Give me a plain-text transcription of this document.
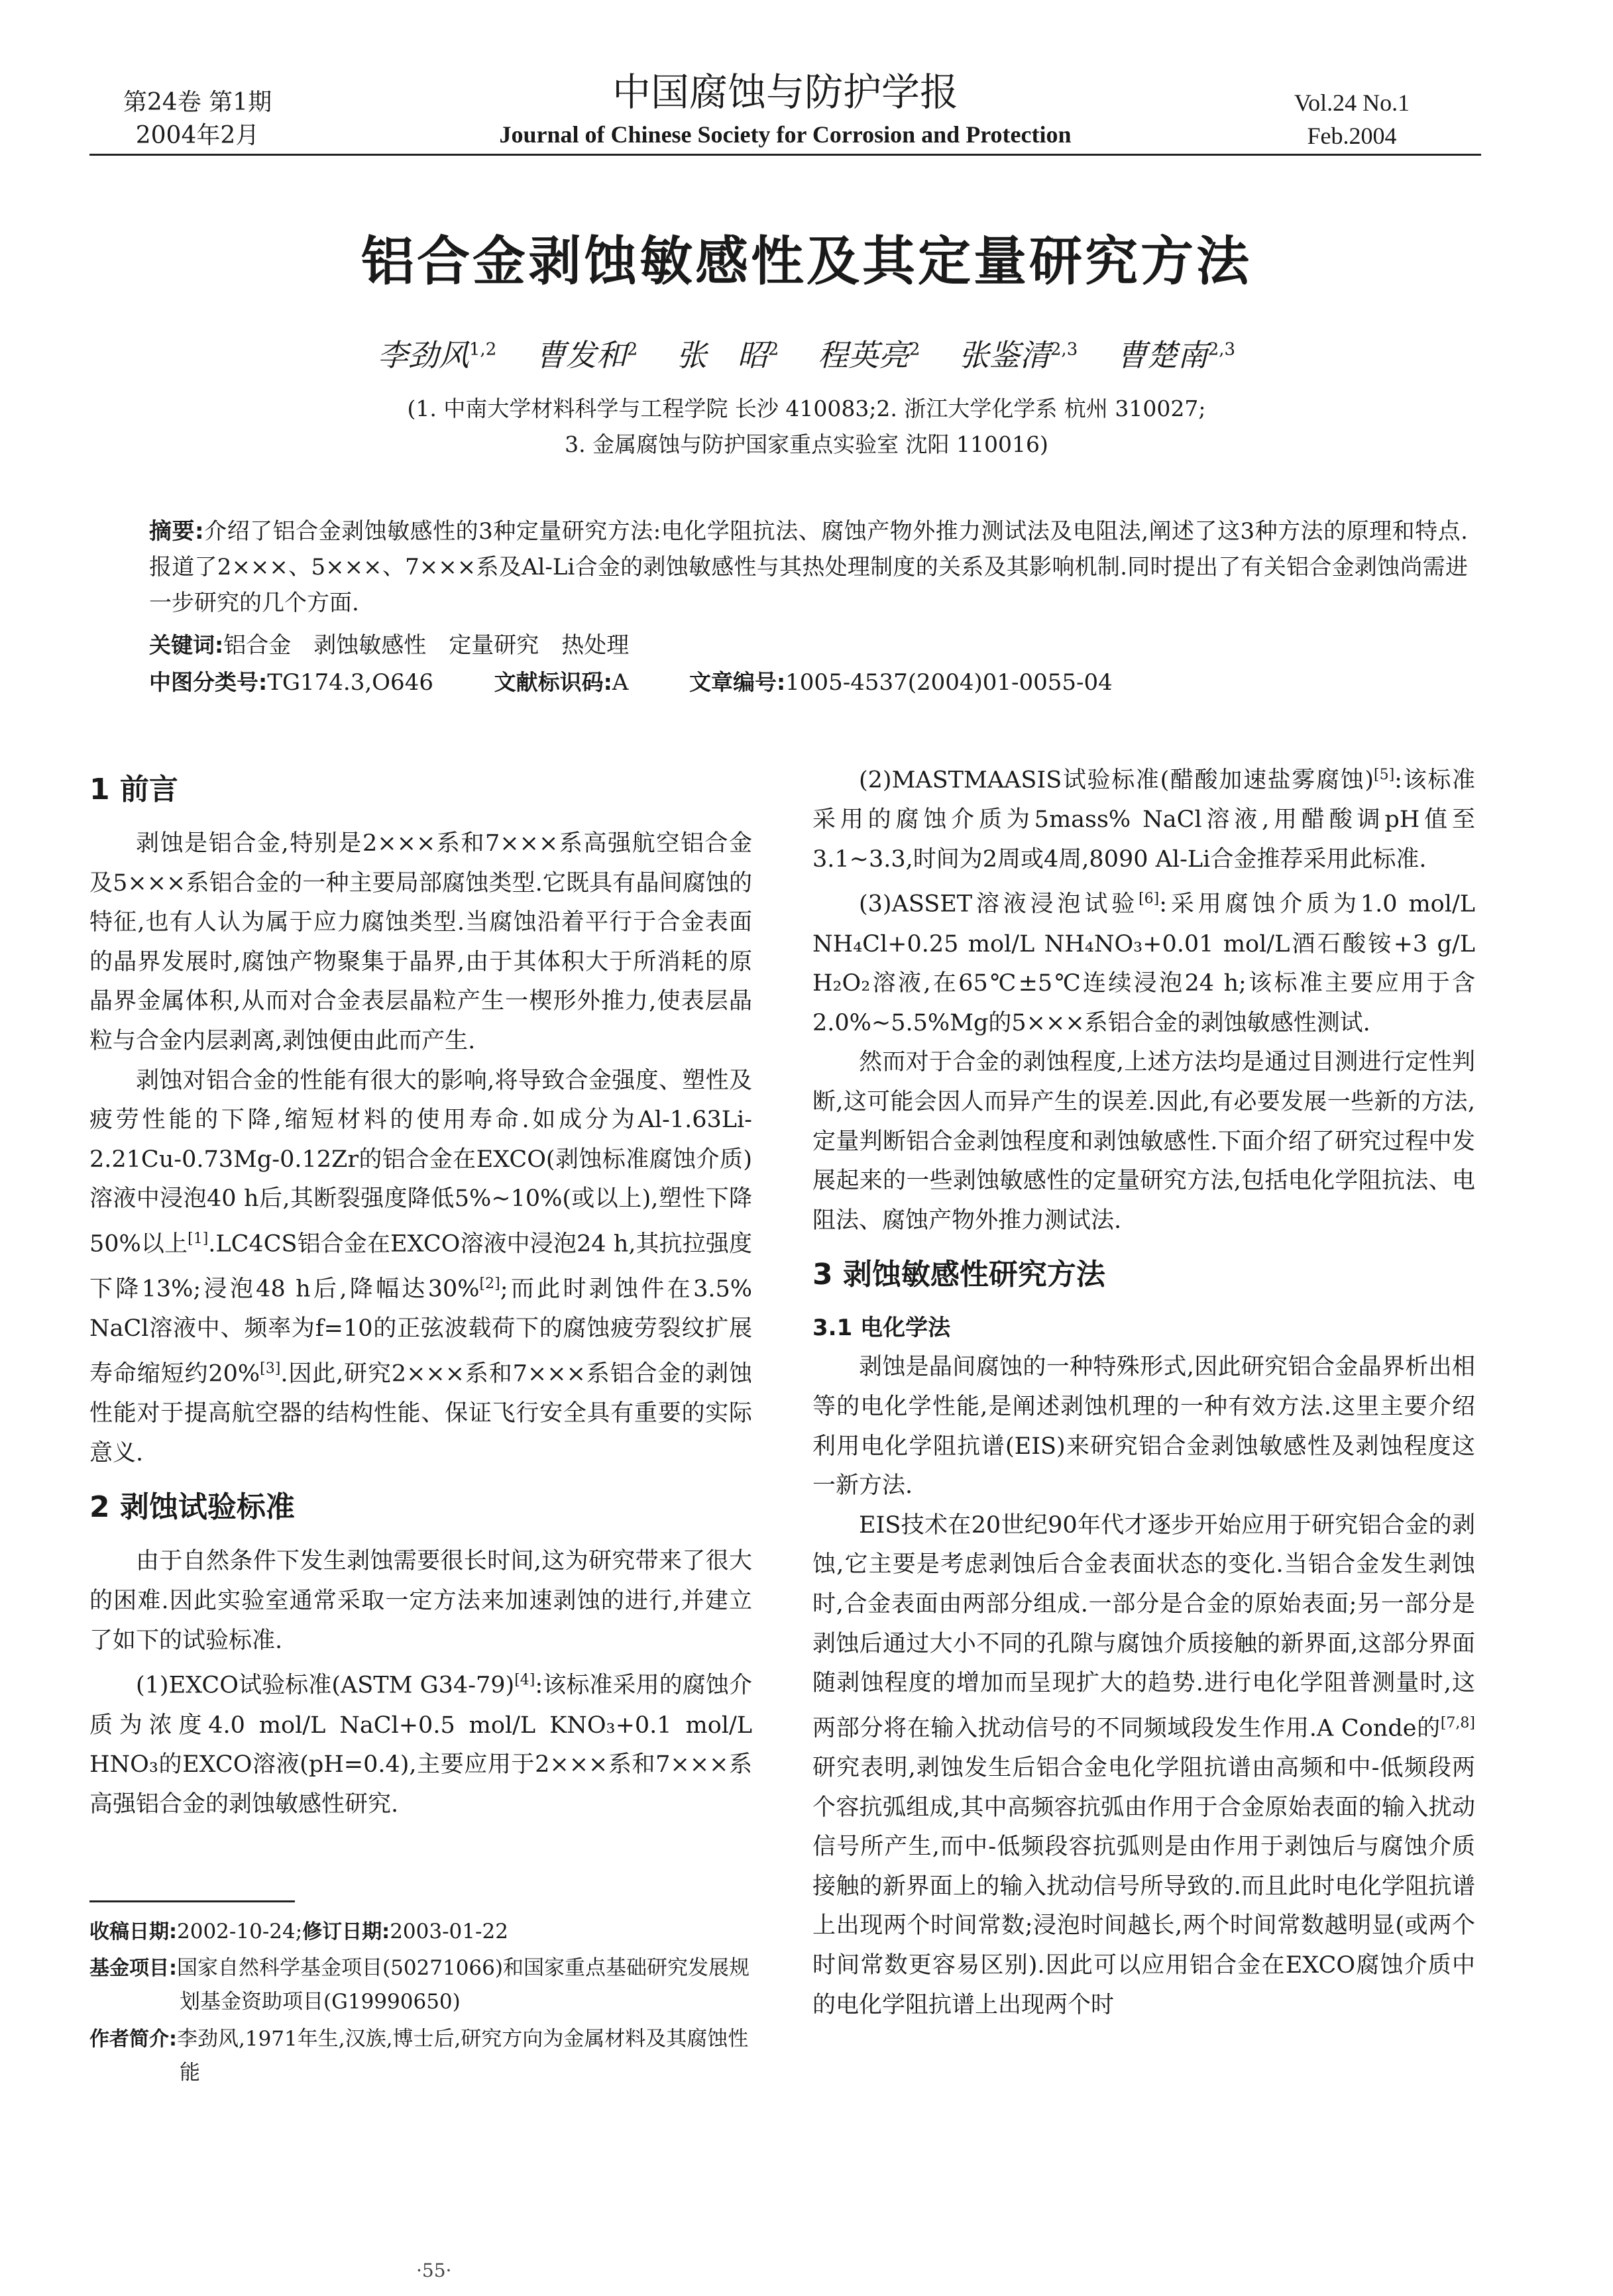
第24卷 第1期
2004年2月
中国腐蚀与防护学报
Journal of Chinese Society for Corrosion and Protection
Vol.24 No.1
Feb.2004
铝合金剥蚀敏感性及其定量研究方法
李劲风$^{1,2}$ 曹发和$^2$ 张　昭$^2$ 程英亮$^2$ 张鉴清$^{2,3}$ 曹楚南$^{2,3}$
(1. 中南大学材料科学与工程学院 长沙 410083;2. 浙江大学化学系 杭州 310027;
3. 金属腐蚀与防护国家重点实验室 沈阳 110016)
摘要:介绍了铝合金剥蚀敏感性的3种定量研究方法:电化学阻抗法、腐蚀产物外推力测试法及电阻法,阐述了这3种方法的原理和特点.报道了2×××、5×××、7×××系及Al-Li合金的剥蚀敏感性与其热处理制度的关系及其影响机制.同时提出了有关铝合金剥蚀尚需进一步研究的几个方面.
关键词:铝合金　剥蚀敏感性　定量研究　热处理
中图分类号:TG174.3,O646	文献标识码:A	文章编号:1005-4537(2004)01-0055-04
1 前言

剥蚀是铝合金,特别是2×××系和7×××系高强航空铝合金及5×××系铝合金的一种主要局部腐蚀类型.它既具有晶间腐蚀的特征,也有人认为属于应力腐蚀类型.当腐蚀沿着平行于合金表面的晶界发展时,腐蚀产物聚集于晶界,由于其体积大于所消耗的原晶界金属体积,从而对合金表层晶粒产生一楔形外推力,使表层晶粒与合金内层剥离,剥蚀便由此而产生.

剥蚀对铝合金的性能有很大的影响,将导致合金强度、塑性及疲劳性能的下降,缩短材料的使用寿命.如成分为Al-1.63Li-2.21Cu-0.73Mg-0.12Zr的铝合金在EXCO(剥蚀标准腐蚀介质)溶液中浸泡40 h后,其断裂强度降低5%~10%(或以上),塑性下降50%以上[1].LC4CS铝合金在EXCO溶液中浸泡24 h,其抗拉强度下降13%;浸泡48 h后,降幅达30%[2];而此时剥蚀件在3.5% NaCl溶液中、频率为f=10的正弦波载荷下的腐蚀疲劳裂纹扩展寿命缩短约20%[3].因此,研究2×××系和7×××系铝合金的剥蚀性能对于提高航空器的结构性能、保证飞行安全具有重要的实际意义.

2 剥蚀试验标准

由于自然条件下发生剥蚀需要很长时间,这为研究带来了很大的困难.因此实验室通常采取一定方法来加速剥蚀的进行,并建立了如下的试验标准.

(1)EXCO试验标准(ASTM G34-79)[4]:该标准采用的腐蚀介质为浓度4.0 mol/L NaCl+0.5 mol/L KNO₃+0.1 mol/L HNO₃的EXCO溶液(pH=0.4),主要应用于2×××系和7×××系高强铝合金的剥蚀敏感性研究.

(2)MASTMAASIS试验标准(醋酸加速盐雾腐蚀)[5]:该标准采用的腐蚀介质为5mass% NaCl溶液,用醋酸调pH值至3.1~3.3,时间为2周或4周,8090 Al-Li合金推荐采用此标准.

(3)ASSET溶液浸泡试验[6]:采用腐蚀介质为1.0 mol/L NH₄Cl+0.25 mol/L NH₄NO₃+0.01 mol/L酒石酸铵+3 g/L H₂O₂溶液,在65℃±5℃连续浸泡24 h;该标准主要应用于含2.0%~5.5%Mg的5×××系铝合金的剥蚀敏感性测试.

然而对于合金的剥蚀程度,上述方法均是通过目测进行定性判断,这可能会因人而异产生的误差.因此,有必要发展一些新的方法,定量判断铝合金剥蚀程度和剥蚀敏感性.下面介绍了研究过程中发展起来的一些剥蚀敏感性的定量研究方法,包括电化学阻抗法、电阻法、腐蚀产物外推力测试法.

3 剥蚀敏感性研究方法
3.1 电化学法

剥蚀是晶间腐蚀的一种特殊形式,因此研究铝合金晶界析出相等的电化学性能,是阐述剥蚀机理的一种有效方法.这里主要介绍利用电化学阻抗谱(EIS)来研究铝合金剥蚀敏感性及剥蚀程度这一新方法.

EIS技术在20世纪90年代才逐步开始应用于研究铝合金的剥蚀,它主要是考虑剥蚀后合金表面状态的变化.当铝合金发生剥蚀时,合金表面由两部分组成.一部分是合金的原始表面;另一部分是剥蚀后通过大小不同的孔隙与腐蚀介质接触的新界面,这部分界面随剥蚀程度的增加而呈现扩大的趋势.进行电化学阻普测量时,这两部分将在输入扰动信号的不同频域段发生作用.A Conde的[7,8]研究表明,剥蚀发生后铝合金电化学阻抗谱由高频和中-低频段两个容抗弧组成,其中高频容抗弧由作用于合金原始表面的输入扰动信号所产生,而中-低频段容抗弧则是由作用于剥蚀后与腐蚀介质接触的新界面上的输入扰动信号所导致的.而且此时电化学阻抗谱上出现两个时间常数;浸泡时间越长,两个时间常数越明显(或两个时间常数更容易区别).因此可以应用铝合金在EXCO腐蚀介质中的电化学阻抗谱上出现两个时

收稿日期:2002-10-24;修订日期:2003-01-22
基金项目:国家自然科学基金项目(50271066)和国家重点基础研究发展规划基金资助项目(G19990650)
作者简介:李劲风,1971年生,汉族,博士后,研究方向为金属材料及其腐蚀性能
·55·
